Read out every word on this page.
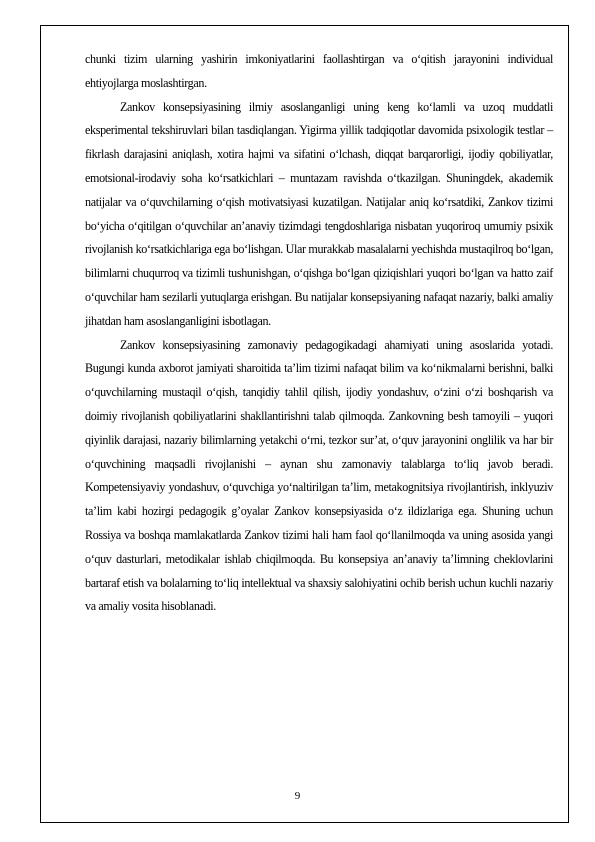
chunki tizim ularning yashirin imkoniyatlarini faollashtirgan va o‘qitish jarayonini individual ehtiyojlarga moslashtirgan.

Zankov konsepsiyasining ilmiy asoslanganligi uning keng ko‘lamli va uzoq muddatli eksperimental tekshiruvlari bilan tasdiqlangan. Yigirma yillik tadqiqotlar davomida psixologik testlar – fikrlash darajasini aniqlash, xotira hajmi va sifatini o‘lchash, diqqat barqarorligi, ijodiy qobiliyatlar, emotsional-irodaviy soha ko‘rsatkichlari – muntazam ravishda o‘tkazilgan. Shuningdek, akademik natijalar va o‘quvchilarning o‘qish motivatsiyasi kuzatilgan. Natijalar aniq ko‘rsatdiki, Zankov tizimi bo‘yicha o‘qitilgan o‘quvchilar an’anaviy tizimdagi tengdoshlariga nisbatan yuqoriroq umumiy psixik rivojlanish ko‘rsatkichlariga ega bo‘lishgan. Ular murakkab masalalarni yechishda mustaqilroq bo‘lgan, bilimlarni chuqurroq va tizimli tushunishgan, o‘qishga bo‘lgan qiziqishlari yuqori bo‘lgan va hatto zaif o‘quvchilar ham sezilarli yutuqlarga erishgan. Bu natijalar konsepsiyaning nafaqat nazariy, balki amaliy jihatdan ham asoslanganligini isbotlagan.

Zankov konsepsiyasining zamonaviy pedagogikadagi ahamiyati uning asoslarida yotadi. Bugungi kunda axborot jamiyati sharoitida ta’lim tizimi nafaqat bilim va ko‘nikmalarni berishni, balki o‘quvchilarning mustaqil o‘qish, tanqidiy tahlil qilish, ijodiy yondashuv, o‘zini o‘zi boshqarish va doimiy rivojlanish qobiliyatlarini shakllantirishni talab qilmoqda. Zankovning besh tamoyili – yuqori qiyinlik darajasi, nazariy bilimlarning yetakchi o‘rni, tezkor sur’at, o‘quv jarayonini onglilik va har bir o‘quvchining maqsadli rivojlanishi – aynan shu zamonaviy talablarga to‘liq javob beradi. Kompetensiyaviy yondashuv, o‘quvchiga yo‘naltirilgan ta’lim, metakognitsiya rivojlantirish, inklyuziv ta’lim kabi hozirgi pedagogik g’oyalar Zankov konsepsiyasida o‘z ildizlariga ega. Shuning uchun Rossiya va boshqa mamlakatlarda Zankov tizimi hali ham faol qo‘llanilmoqda va uning asosida yangi o‘quv dasturlari, metodikalar ishlab chiqilmoqda. Bu konsepsiya an’anaviy ta’limning cheklovlarini bartaraf etish va bolalarning to‘liq intellektual va shaxsiy salohiyatini ochib berish uchun kuchli nazariy va amaliy vosita hisoblanadi.

9
